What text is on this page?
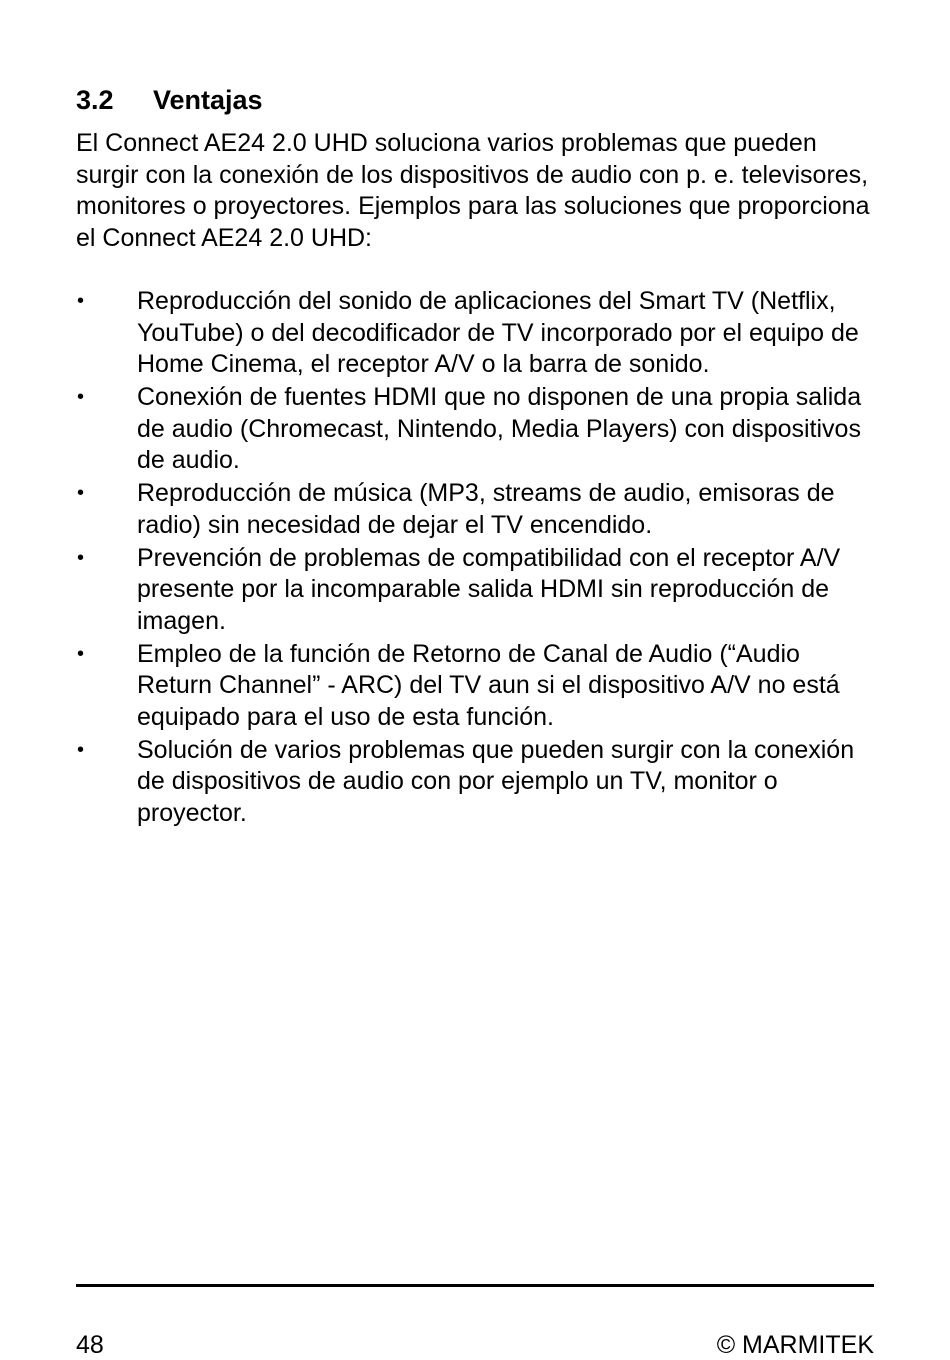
3.2 Ventajas

El Connect AE24 2.0 UHD soluciona varios problemas que pueden surgir con la conexión de los dispositivos de audio con p. e. televisores, monitores o proyectores. Ejemplos para las soluciones que proporciona el Connect AE24 2.0 UHD:

• Reproducción del sonido de aplicaciones del Smart TV (Netflix, YouTube) o del decodificador de TV incorporado por el equipo de Home Cinema, el receptor A/V o la barra de sonido.
• Conexión de fuentes HDMI que no disponen de una propia salida de audio (Chromecast, Nintendo, Media Players) con dispositivos de audio.
• Reproducción de música (MP3, streams de audio, emisoras de radio) sin necesidad de dejar el TV encendido.
• Prevención de problemas de compatibilidad con el receptor A/V presente por la incomparable salida HDMI sin reproducción de imagen.
• Empleo de la función de Retorno de Canal de Audio (“Audio Return Channel” - ARC) del TV aun si el dispositivo A/V no está equipado para el uso de esta función.
• Solución de varios problemas que pueden surgir con la conexión de dispositivos de audio con por ejemplo un TV, monitor o proyector.
48	© MARMITEK
